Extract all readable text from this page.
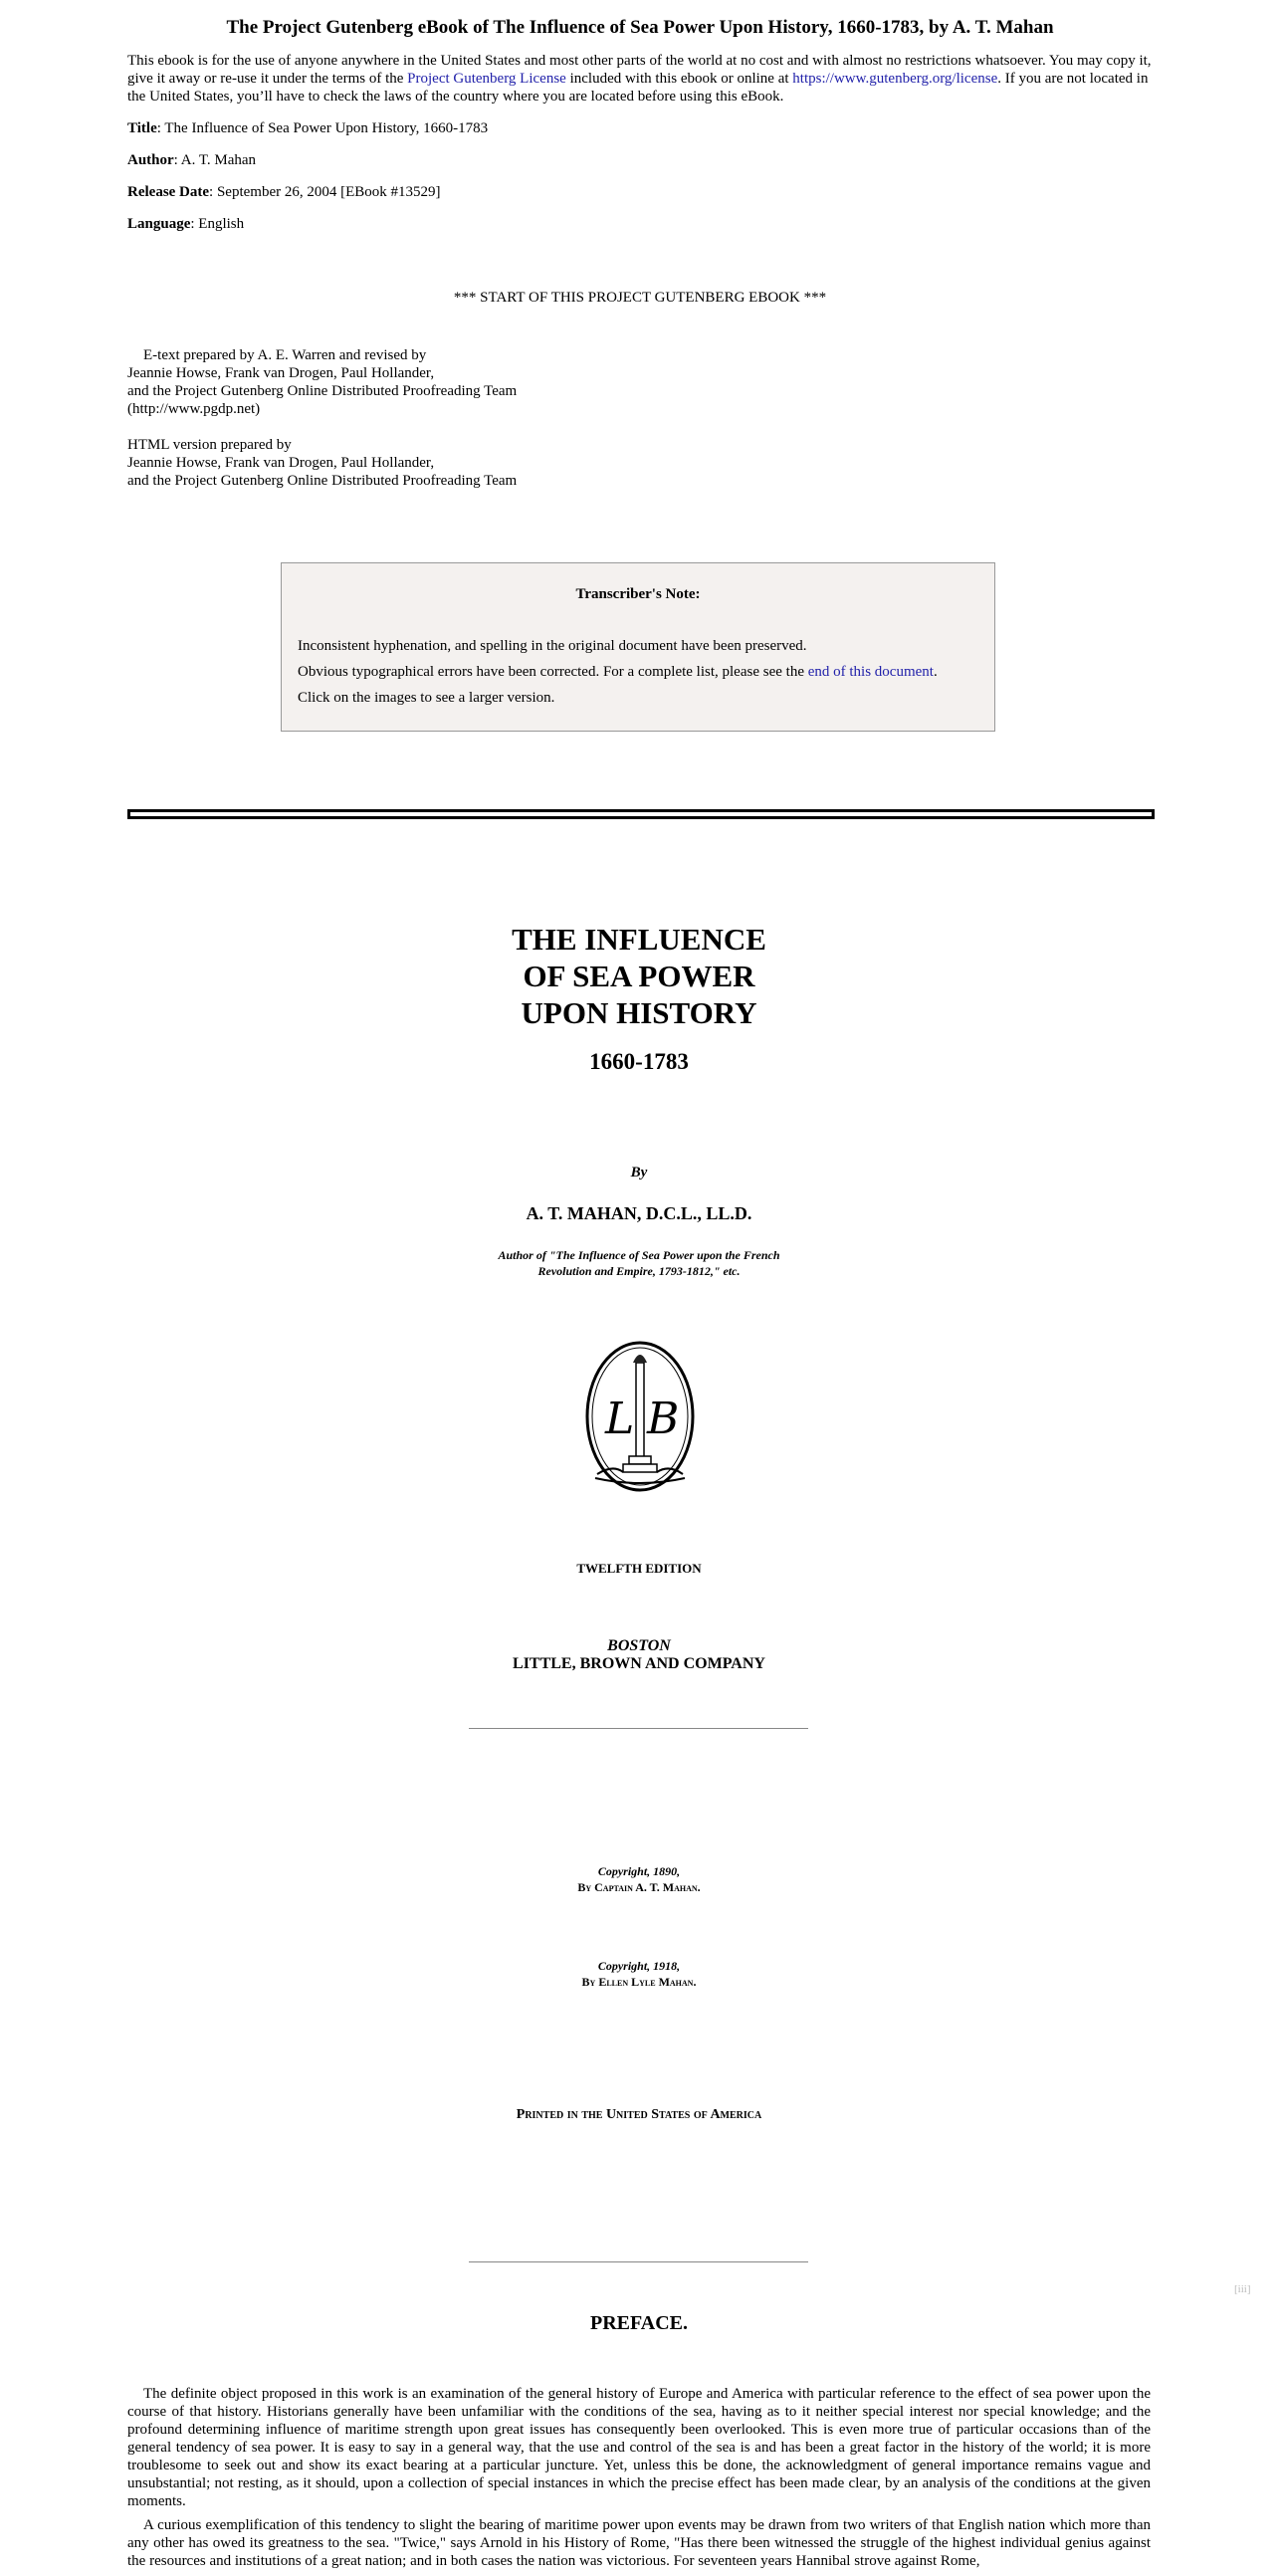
The Project Gutenberg eBook of The Influence of Sea Power Upon History, 1660-1783, by A. T. Mahan

This ebook is for the use of anyone anywhere in the United States and most other parts of the world at no cost and with almost no restrictions whatsoever. You may copy it, give it away or re-use it under the terms of the Project Gutenberg License included with this ebook or online at https://www.gutenberg.org/license. If you are not located in the United States, you’ll have to check the laws of the country where you are located before using this eBook.

Title: The Influence of Sea Power Upon History, 1660-1783

Author: A. T. Mahan

Release Date: September 26, 2004 [EBook #13529]

Language: English

*** START OF THIS PROJECT GUTENBERG EBOOK ***

E-text prepared by A. E. Warren and revised by
Jeannie Howse, Frank van Drogen, Paul Hollander,
and the Project Gutenberg Online Distributed Proofreading Team
(http://www.pgdp.net)

HTML version prepared by
Jeannie Howse, Frank van Drogen, Paul Hollander,
and the Project Gutenberg Online Distributed Proofreading Team

Transcriber's Note:

Inconsistent hyphenation, and spelling in the original document have been preserved.

Obvious typographical errors have been corrected. For a complete list, please see the end of this document.

Click on the images to see a larger version.

THE INFLUENCE
OF SEA POWER
UPON HISTORY
1660-1783
By
A. T. MAHAN, D.C.L., LL.D.
Author of "The Influence of Sea Power upon the French
Revolution and Empire, 1793-1812," etc.
L B
TWELFTH EDITION
BOSTON
LITTLE, BROWN AND COMPANY
Copyright, 1890,
By Captain A. T. Mahan.
Copyright, 1918,
By Ellen Lyle Mahan.
Printed in the United States of America
[iii]
PREFACE.

The definite object proposed in this work is an examination of the general history of Europe and America with particular reference to the effect of sea power upon the course of that history. Historians generally have been unfamiliar with the conditions of the sea, having as to it neither special interest nor special knowledge; and the profound determining influence of maritime strength upon great issues has consequently been overlooked. This is even more true of particular occasions than of the general tendency of sea power. It is easy to say in a general way, that the use and control of the sea is and has been a great factor in the history of the world; it is more troublesome to seek out and show its exact bearing at a particular juncture. Yet, unless this be done, the acknowledgment of general importance remains vague and unsubstantial; not resting, as it should, upon a collection of special instances in which the precise effect has been made clear, by an analysis of the conditions at the given moments.

A curious exemplification of this tendency to slight the bearing of maritime power upon events may be drawn from two writers of that English nation which more than any other has owed its greatness to the sea. "Twice," says Arnold in his History of Rome, "Has there been witnessed the struggle of the highest individual genius against the resources and institutions of a great nation; and in both cases the nation was victorious. For seventeen years Hannibal strove against Rome,
